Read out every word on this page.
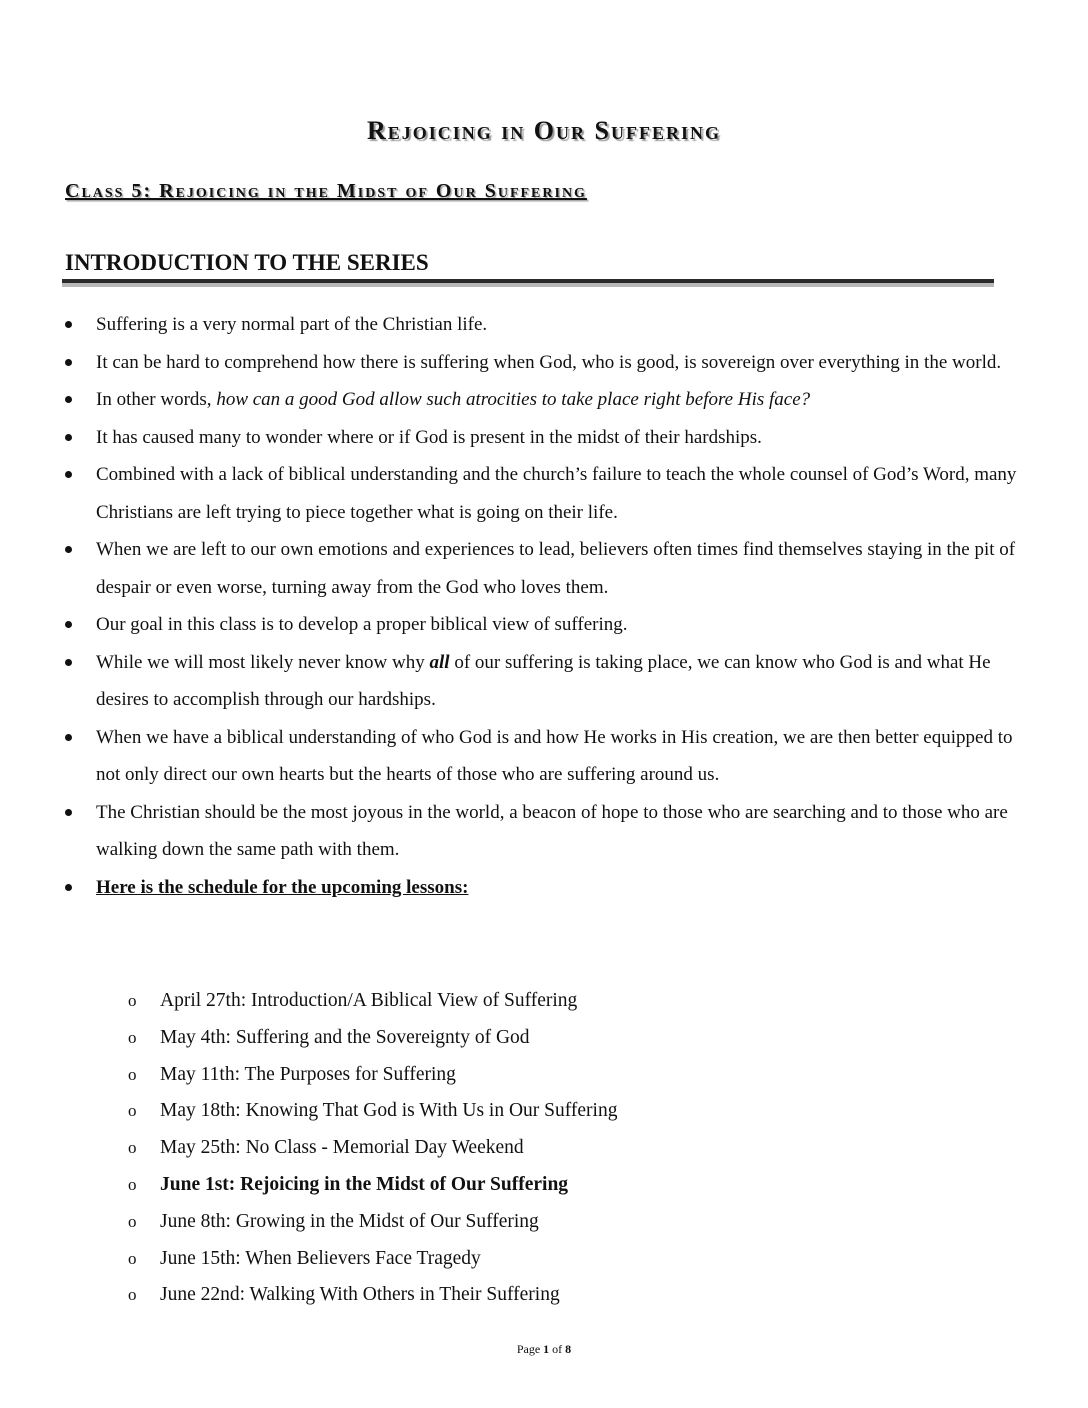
Rejoicing in Our Suffering
Class 5: Rejoicing in the Midst of Our Suffering
INTRODUCTION TO THE SERIES
Suffering is a very normal part of the Christian life.
It can be hard to comprehend how there is suffering when God, who is good, is sovereign over everything in the world.
In other words, how can a good God allow such atrocities to take place right before His face?
It has caused many to wonder where or if God is present in the midst of their hardships.
Combined with a lack of biblical understanding and the church’s failure to teach the whole counsel of God’s Word, many Christians are left trying to piece together what is going on their life.
When we are left to our own emotions and experiences to lead, believers often times find themselves staying in the pit of despair or even worse, turning away from the God who loves them.
Our goal in this class is to develop a proper biblical view of suffering.
While we will most likely never know why all of our suffering is taking place, we can know who God is and what He desires to accomplish through our hardships.
When we have a biblical understanding of who God is and how He works in His creation, we are then better equipped to not only direct our own hearts but the hearts of those who are suffering around us.
The Christian should be the most joyous in the world, a beacon of hope to those who are searching and to those who are walking down the same path with them.
Here is the schedule for the upcoming lessons:
o April 27th: Introduction/A Biblical View of Suffering
o May 4th: Suffering and the Sovereignty of God
o May 11th: The Purposes for Suffering
o May 18th: Knowing That God is With Us in Our Suffering
o May 25th: No Class - Memorial Day Weekend
o June 1st: Rejoicing in the Midst of Our Suffering
o June 8th: Growing in the Midst of Our Suffering
o June 15th: When Believers Face Tragedy
o June 22nd: Walking With Others in Their Suffering
Page 1 of 8
